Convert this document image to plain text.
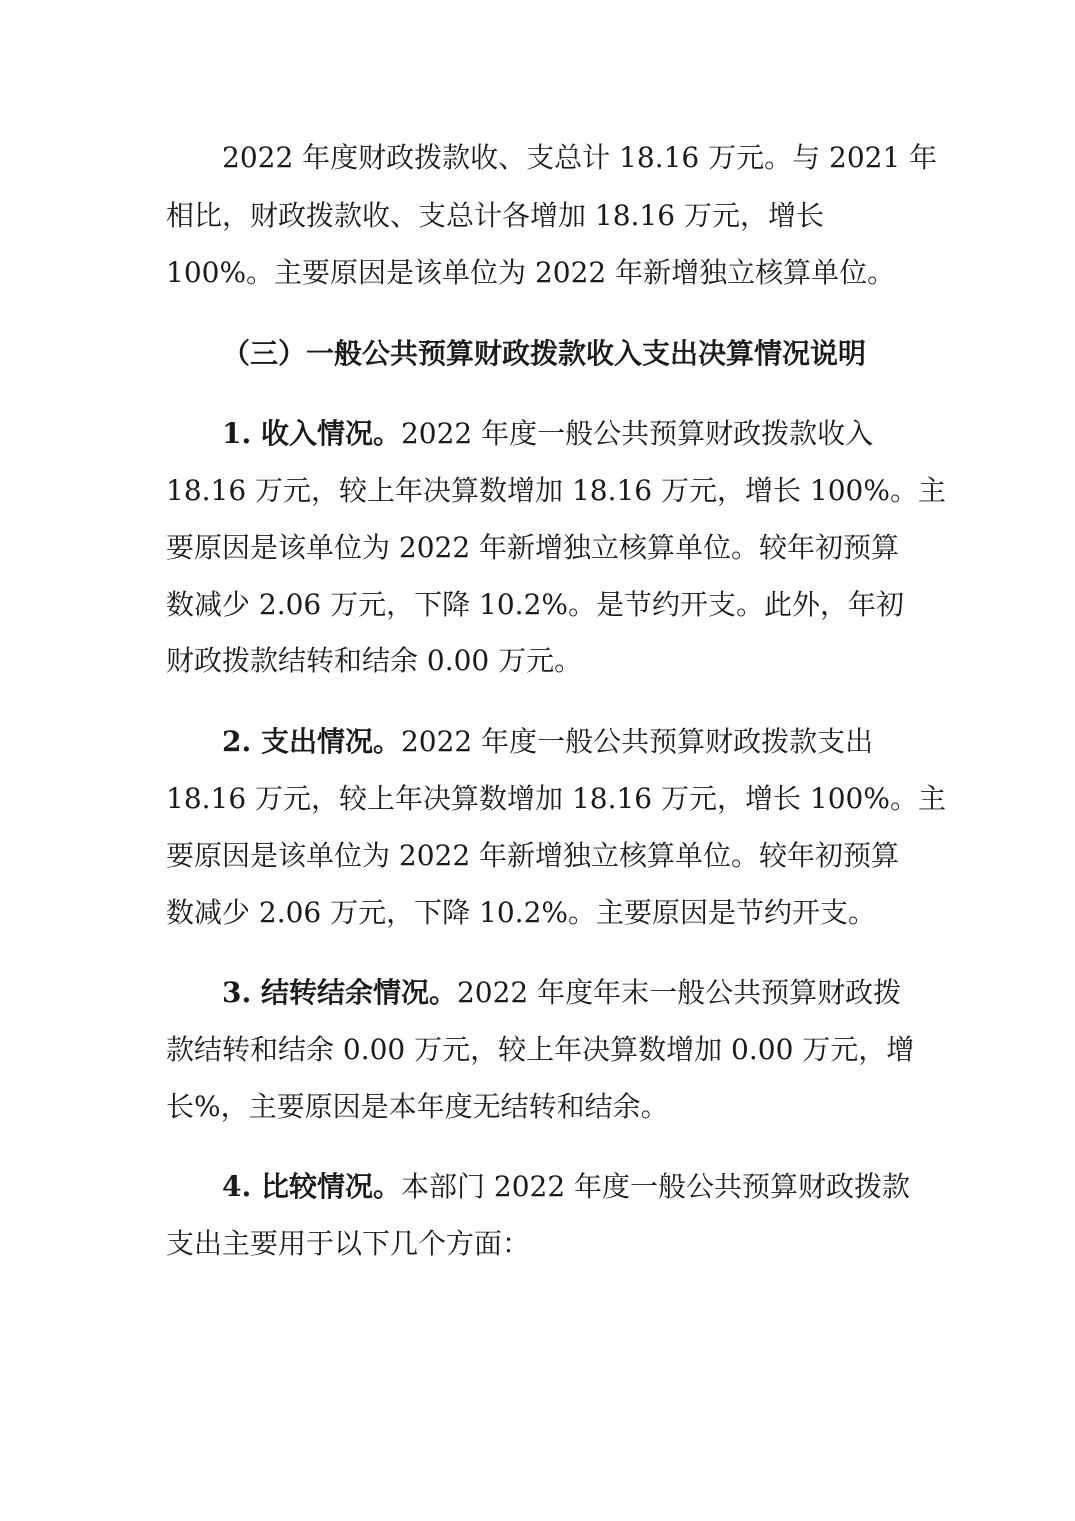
2022 年度财政拨款收、支总计 18.16 万元。与 2021 年
相比，财政拨款收、支总计各增加 18.16 万元，增长
100%。主要原因是该单位为 2022 年新增独立核算单位。
（三）一般公共预算财政拨款收入支出决算情况说明
1. 收入情况。2022 年度一般公共预算财政拨款收入
18.16 万元，较上年决算数增加 18.16 万元，增长 100%。主
要原因是该单位为 2022 年新增独立核算单位。较年初预算
数减少 2.06 万元，下降 10.2%。是节约开支。此外，年初
财政拨款结转和结余 0.00 万元。
2. 支出情况。2022 年度一般公共预算财政拨款支出
18.16 万元，较上年决算数增加 18.16 万元，增长 100%。主
要原因是该单位为 2022 年新增独立核算单位。较年初预算
数减少 2.06 万元，下降 10.2%。主要原因是节约开支。
3. 结转结余情况。2022 年度年末一般公共预算财政拨
款结转和结余 0.00 万元，较上年决算数增加 0.00 万元，增
长%，主要原因是本年度无结转和结余。
4. 比较情况。本部门 2022 年度一般公共预算财政拨款
支出主要用于以下几个方面：
